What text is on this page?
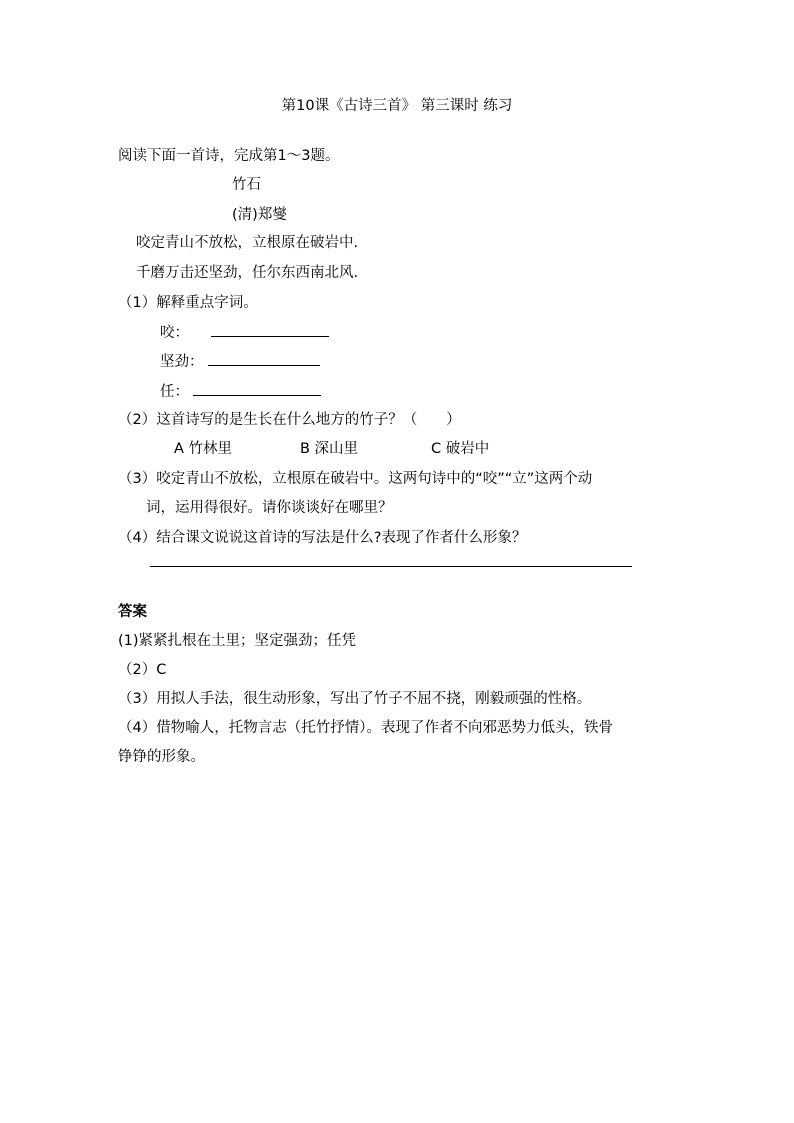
第10课《古诗三首》 第三课时 练习
阅读下面一首诗，完成第1～3题。
竹石
(清)郑燮
咬定青山不放松，立根原在破岩中.
千磨万击还坚劲，任尔东西南北风.
（1）解释重点字词。
咬：
坚劲：
任：
（2）这首诗写的是生长在什么地方的竹子？（　　）
A 竹林里	B 深山里	C 破岩中
（3）咬定青山不放松，立根原在破岩中。这两句诗中的“咬”“立”这两个动
词，运用得很好。请你谈谈好在哪里？
（4）结合课文说说这首诗的写法是什么?表现了作者什么形象？
答案
(1)紧紧扎根在土里；坚定强劲；任凭
（2）C
（3）用拟人手法，很生动形象，写出了竹子不屈不挠，刚毅顽强的性格。
（4）借物喻人，托物言志（托竹抒情）。表现了作者不向邪恶势力低头，铁骨
铮铮的形象。
